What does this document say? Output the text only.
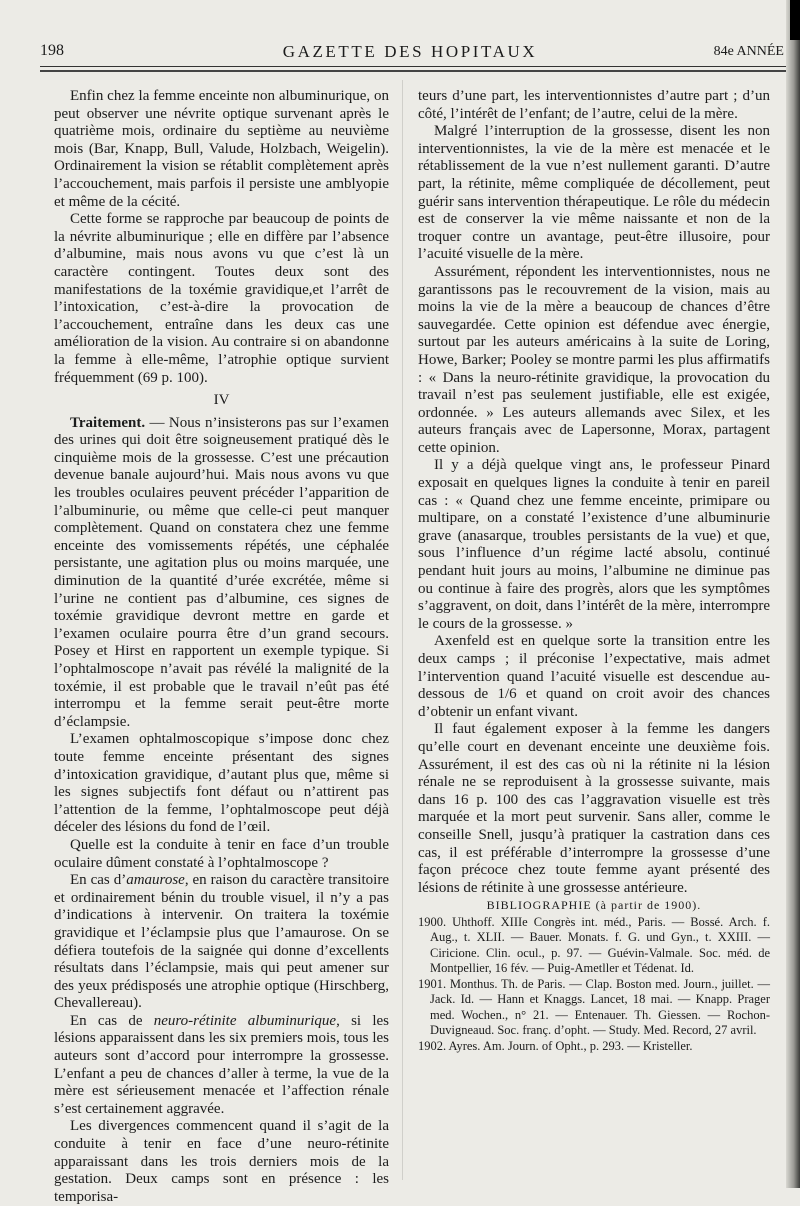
198	GAZETTE DES HOPITAUX	84e ANNÉE

Enfin chez la femme enceinte non albuminurique, on peut observer une névrite optique survenant après le quatrième mois, ordinaire du septième au neuvième mois (Bar, Knapp, Bull, Valude, Holzbach, Weigelin). Ordinairement la vision se rétablit complètement après l’accouchement, mais parfois il persiste une amblyopie et même de la cécité.

Cette forme se rapproche par beaucoup de points de la névrite albuminurique ; elle en diffère par l’absence d’albumine, mais nous avons vu que c’est là un caractère contingent. Toutes deux sont des manifestations de la toxémie gravidique,et l’arrêt de l’intoxication, c’est-à-dire la provocation de l’accouchement, entraîne dans les deux cas une amélioration de la vision. Au contraire si on abandonne la femme à elle-même, l’atrophie optique survient fréquemment (69 p. 100).

IV

Traitement. — Nous n’insisterons pas sur l’examen des urines qui doit être soigneusement pratiqué dès le cinquième mois de la grossesse. C’est une précaution devenue banale aujourd’hui. Mais nous avons vu que les troubles oculaires peuvent précéder l’apparition de l’albuminurie, ou même que celle-ci peut manquer complètement. Quand on constatera chez une femme enceinte des vomissements répétés, une céphalée persistante, une agitation plus ou moins marquée, une diminution de la quantité d’urée excrétée, même si l’urine ne contient pas d’albumine, ces signes de toxémie gravidique devront mettre en garde et l’examen oculaire pourra être d’un grand secours. Posey et Hirst en rapportent un exemple typique. Si l’ophtalmoscope n’avait pas révélé la malignité de la toxémie, il est probable que le travail n’eût pas été interrompu et la femme serait peut-être morte d’éclampsie.

L’examen ophtalmoscopique s’impose donc chez toute femme enceinte présentant des signes d’intoxication gravidique, d’autant plus que, même si les signes subjectifs font défaut ou n’attirent pas l’attention de la femme, l’ophtalmoscope peut déjà déceler des lésions du fond de l’œil.

Quelle est la conduite à tenir en face d’un trouble oculaire dûment constaté à l’ophtalmoscope ?

En cas d’amaurose, en raison du caractère transitoire et ordinairement bénin du trouble visuel, il n’y a pas d’indications à intervenir. On traitera la toxémie gravidique et l’éclampsie plus que l’amaurose. On se défiera toutefois de la saignée qui donne d’excellents résultats dans l’éclampsie, mais qui peut amener sur des yeux prédisposés une atrophie optique (Hirschberg, Chevallereau).

En cas de neuro-rétinite albuminurique, si les lésions apparaissent dans les six premiers mois, tous les auteurs sont d’accord pour interrompre la grossesse. L’enfant a peu de chances d’aller à terme, la vue de la mère est sérieusement menacée et l’affection rénale s’est certainement aggravée.

Les divergences commencent quand il s’agit de la conduite à tenir en face d’une neuro-rétinite apparaissant dans les trois derniers mois de la gestation. Deux camps sont en présence : les temporisa-

teurs d’une part, les interventionnistes d’autre part ; d’un côté, l’intérêt de l’enfant; de l’autre, celui de la mère.

Malgré l’interruption de la grossesse, disent les non interventionnistes, la vie de la mère est menacée et le rétablissement de la vue n’est nullement garanti. D’autre part, la rétinite, même compliquée de décollement, peut guérir sans intervention thérapeutique. Le rôle du médecin est de conserver la vie même naissante et non de la troquer contre un avantage, peut-être illusoire, pour l’acuité visuelle de la mère.

Assurément, répondent les interventionnistes, nous ne garantissons pas le recouvrement de la vision, mais au moins la vie de la mère a beaucoup de chances d’être sauvegardée. Cette opinion est défendue avec énergie, surtout par les auteurs américains à la suite de Loring, Howe, Barker; Pooley se montre parmi les plus affirmatifs : « Dans la neuro-rétinite gravidique, la provocation du travail n’est pas seulement justifiable, elle est exigée, ordonnée. » Les auteurs allemands avec Silex, et les auteurs français avec de Lapersonne, Morax, partagent cette opinion.

Il y a déjà quelque vingt ans, le professeur Pinard exposait en quelques lignes la conduite à tenir en pareil cas : « Quand chez une femme enceinte, primipare ou multipare, on a constaté l’existence d’une albuminurie grave (anasarque, troubles persistants de la vue) et que, sous l’influence d’un régime lacté absolu, continué pendant huit jours au moins, l’albumine ne diminue pas ou continue à faire des progrès, alors que les symptômes s’aggravent, on doit, dans l’intérêt de la mère, interrompre le cours de la grossesse. »

Axenfeld est en quelque sorte la transition entre les deux camps ; il préconise l’expectative, mais admet l’intervention quand l’acuité visuelle est descendue au-dessous de 1/6 et quand on croit avoir des chances d’obtenir un enfant vivant.

Il faut également exposer à la femme les dangers qu’elle court en devenant enceinte une deuxième fois. Assurément, il est des cas où ni la rétinite ni la lésion rénale ne se reproduisent à la grossesse suivante, mais dans 16 p. 100 des cas l’aggravation visuelle est très marquée et la mort peut survenir. Sans aller, comme le conseille Snell, jusqu’à pratiquer la castration dans ces cas, il est préférable d’interrompre la grossesse d’une façon précoce chez toute femme ayant présenté des lésions de rétinite à une grossesse antérieure.

BIBLIOGRAPHIE (à partir de 1900).

1900. Uhthoff. XIIIe Congrès int. méd., Paris. — Bossé. Arch. f. Aug., t. XLII. — Bauer. Monats. f. G. und Gyn., t. XXIII. — Ciricione. Clin. ocul., p. 97. — Guévin-Valmale. Soc. méd. de Montpellier, 16 fév. — Puig-Ametller et Tédenat. Id.

1901. Monthus. Th. de Paris. — Clap. Boston med. Journ., juillet. — Jack. Id. — Hann et Knaggs. Lancet, 18 mai. — Knapp. Prager med. Wochen., n° 21. — Entenauer. Th. Giessen. — Rochon-Duvigneaud. Soc. franç. d’opht. — Study. Med. Record, 27 avril.

1902. Ayres. Am. Journ. of Opht., p. 293. — Kristeller.
